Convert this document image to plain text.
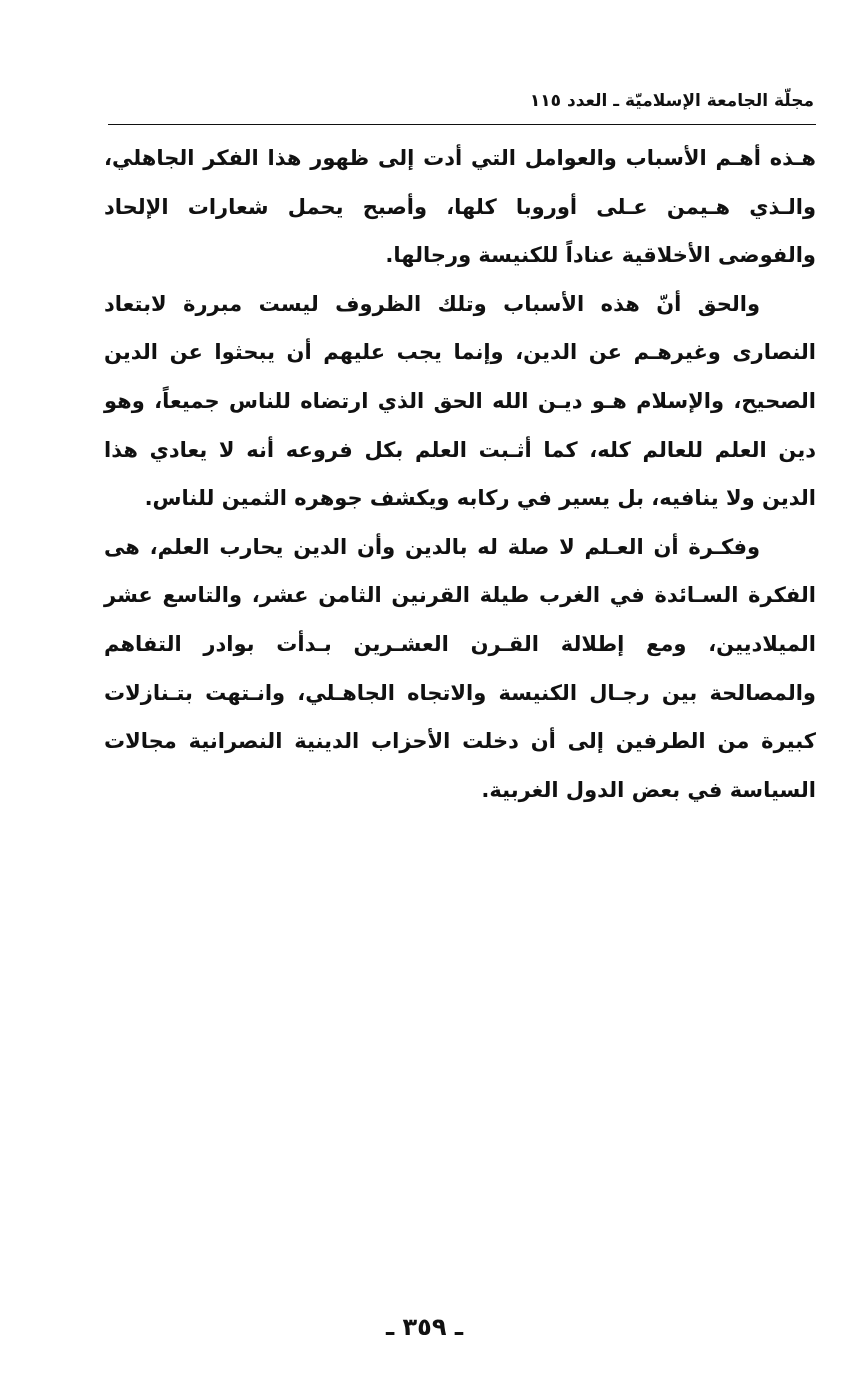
مجلّة الجامعة الإسلاميّة ـ العدد ١١٥

هـذه أهـم الأسباب والعوامل التي أدت إلى ظهور هذا الفكر الجاهلي، والـذي هـيمن عـلى أوروبا كلها، وأصبح يحمل شعارات الإلحاد والفوضى الأخلاقية عناداً للكنيسة ورجالها.

والحق أنّ هذه الأسباب وتلك الظروف ليست مبررة لابتعاد النصارى وغيرهـم عن الدين، وإنما يجب عليهم أن يبحثوا عن الدين الصحيح، والإسلام هـو ديـن الله الحق الذي ارتضاه للناس جميعاً، وهو دين العلم للعالم كله، كما أثـبت العلم بكل فروعه أنه لا يعادي هذا الدين ولا ينافيه، بل يسير في ركابه ويكشف جوهره الثمين للناس.

وفكـرة أن العـلم لا صلة له بالدين وأن الدين يحارب العلم، هى الفكرة السـائدة في الغرب طيلة القرنين الثامن عشر، والتاسع عشر الميلاديين، ومع إطلالة القـرن العشـرين بـدأت بوادر التفاهم والمصالحة بين رجـال الكنيسة والاتجاه الجاهـلي، وانـتهت بتـنازلات كبيرة من الطرفين إلى أن دخلت الأحزاب الدينية النصرانية مجالات السياسة في بعض الدول الغربية.

ـ ٣٥٩ ـ
